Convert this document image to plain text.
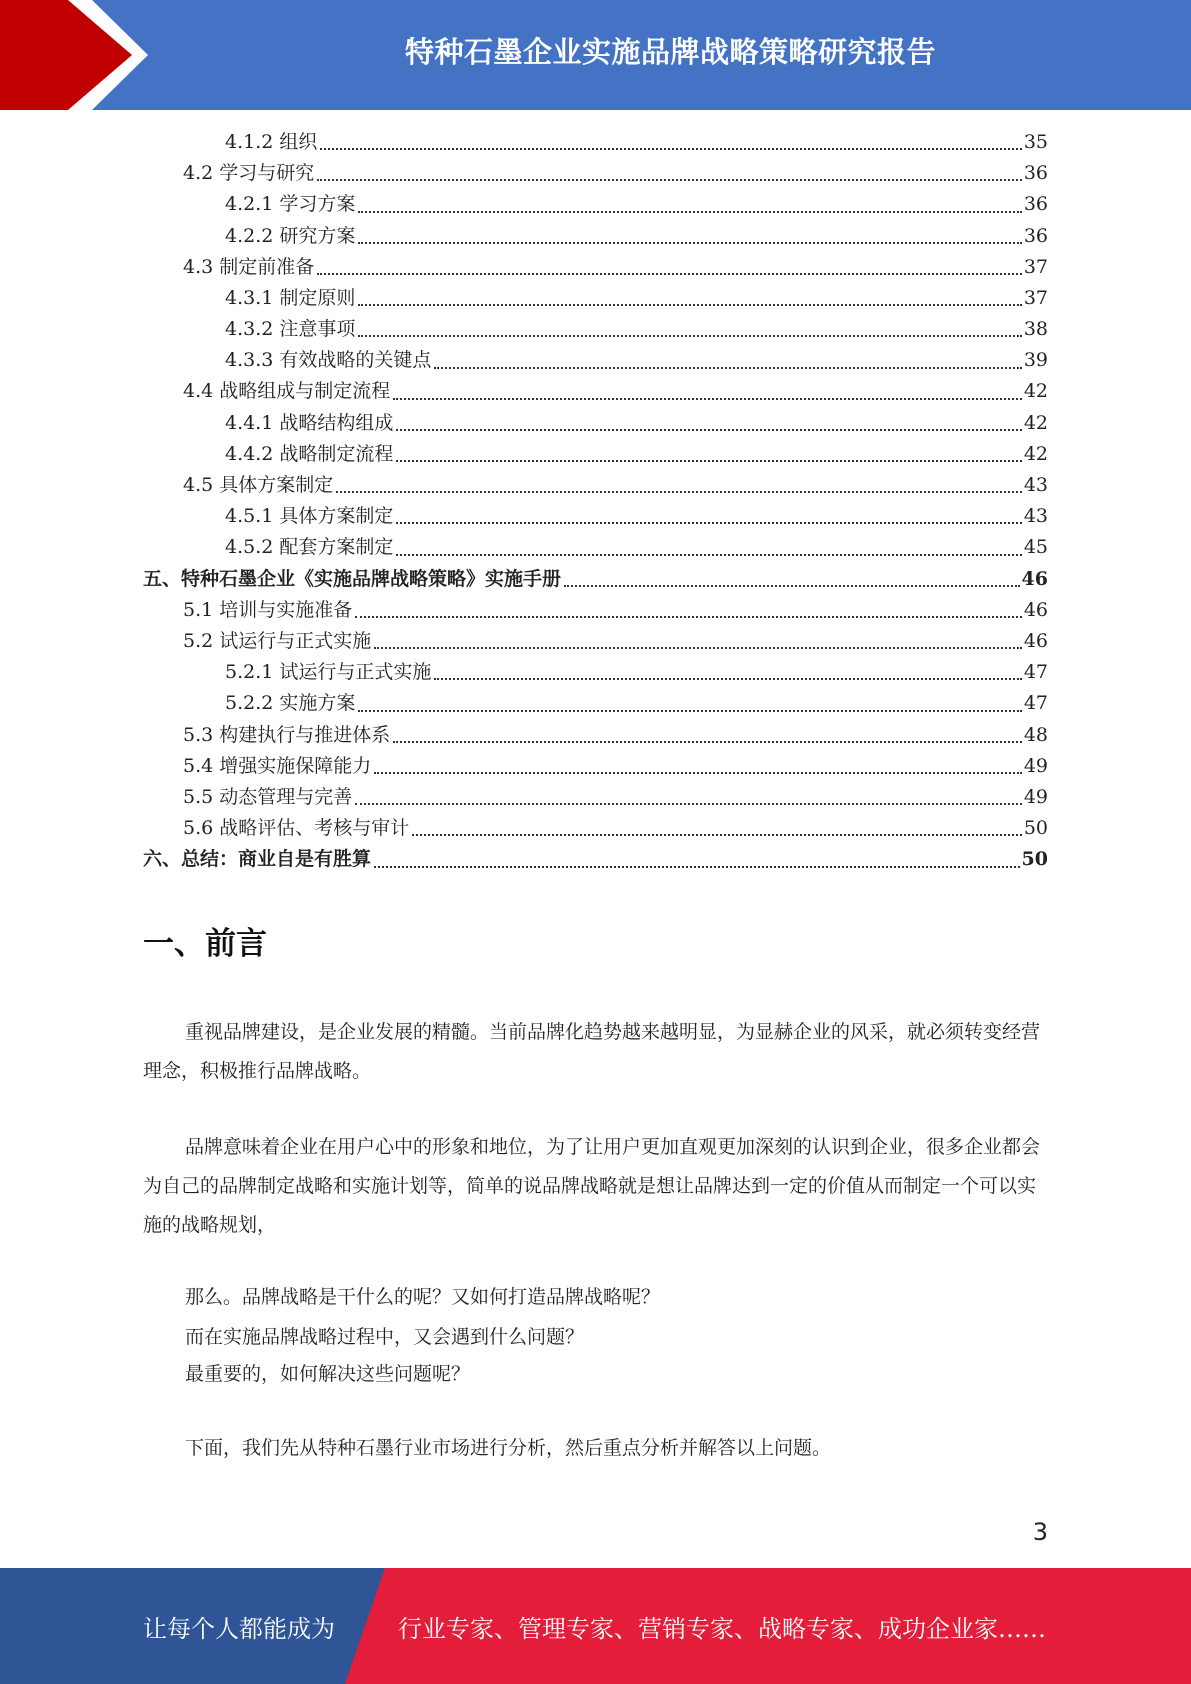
特种石墨企业实施品牌战略策略研究报告
4.1.2 组织	35
4.2 学习与研究	36
4.2.1 学习方案	36
4.2.2 研究方案	36
4.3 制定前准备	37
4.3.1 制定原则	37
4.3.2 注意事项	38
4.3.3 有效战略的关键点	39
4.4 战略组成与制定流程	42
4.4.1 战略结构组成	42
4.4.2 战略制定流程	42
4.5 具体方案制定	43
4.5.1 具体方案制定	43
4.5.2 配套方案制定	45
五、特种石墨企业《实施品牌战略策略》实施手册	46
5.1 培训与实施准备	46
5.2 试运行与正式实施	46
5.2.1 试运行与正式实施	47
5.2.2 实施方案	47
5.3 构建执行与推进体系	48
5.4 增强实施保障能力	49
5.5 动态管理与完善	49
5.6 战略评估、考核与审计	50
六、总结：商业自是有胜算	50
一、前言

重视品牌建设，是企业发展的精髓。当前品牌化趋势越来越明显，为显赫企业的风采，就必须转变经营理念，积极推行品牌战略。

品牌意味着企业在用户心中的形象和地位，为了让用户更加直观更加深刻的认识到企业，很多企业都会为自己的品牌制定战略和实施计划等，简单的说品牌战略就是想让品牌达到一定的价值从而制定一个可以实施的战略规划，

那么。品牌战略是干什么的呢？又如何打造品牌战略呢？

而在实施品牌战略过程中，又会遇到什么问题？

最重要的，如何解决这些问题呢？

下面，我们先从特种石墨行业市场进行分析，然后重点分析并解答以上问题。

3
让每个人都能成为	行业专家、管理专家、营销专家、战略专家、成功企业家……
